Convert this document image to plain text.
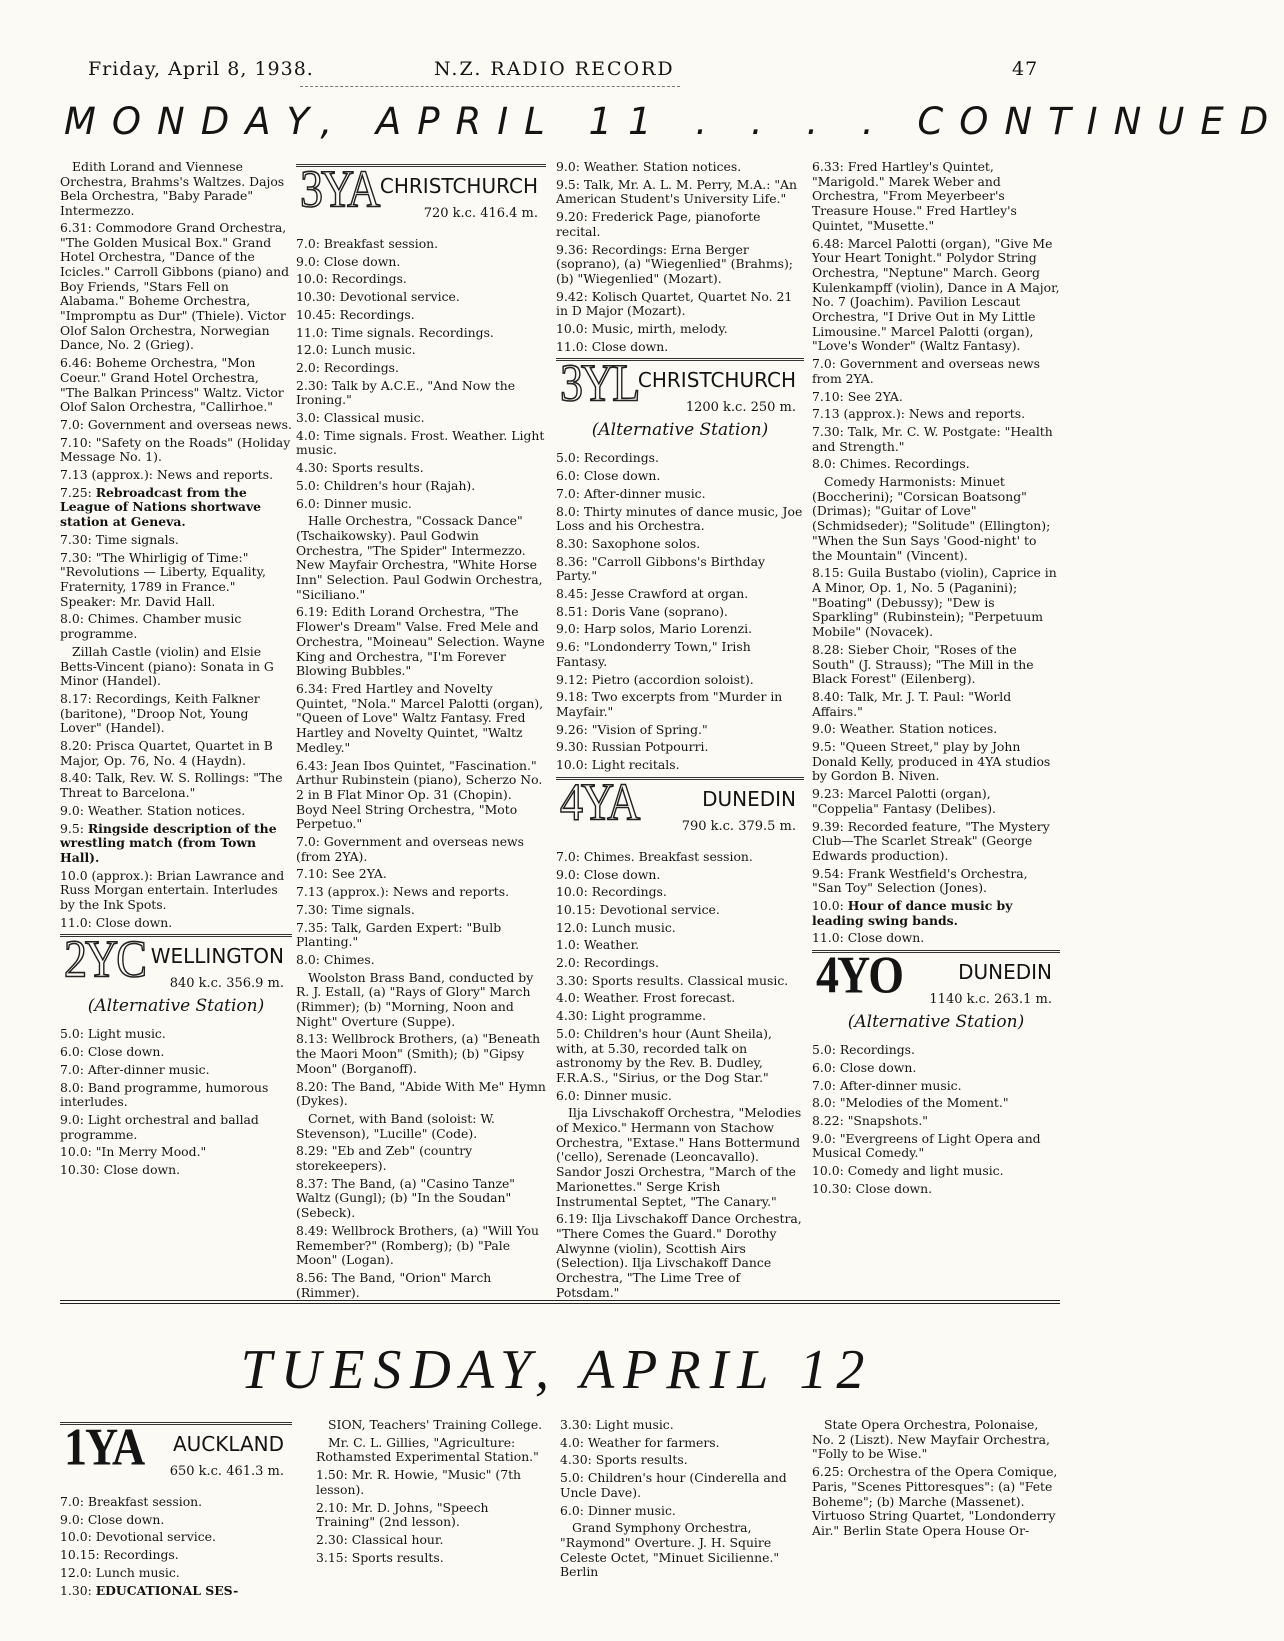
Friday, April 8, 1938.	N.Z. RADIO RECORD	47
MONDAY, APRIL 11 . . . . CONTINUED
Edith Lorand and Viennese Orchestra, Brahms's Waltzes. Dajos Bela Orchestra, "Baby Parade" Intermezzo.
6.31: Commodore Grand Orchestra, "The Golden Musical Box." Grand Hotel Orchestra, "Dance of the Icicles." Carroll Gibbons (piano) and Boy Friends, "Stars Fell on Alabama." Boheme Orchestra, "Impromptu as Dur" (Thiele). Victor Olof Salon Orchestra, Norwegian Dance, No. 2 (Grieg).
6.46: Boheme Orchestra, "Mon Coeur." Grand Hotel Orchestra, "The Balkan Princess" Waltz. Victor Olof Salon Orchestra, "Callirhoe."
7.0: Government and overseas news.
7.10: "Safety on the Roads" (Holiday Message No. 1).
7.13 (approx.): News and reports.
7.25: Rebroadcast from the League of Nations shortwave station at Geneva.
7.30: Time signals.
7.30: "The Whirligig of Time:" "Revolutions — Liberty, Equality, Fraternity, 1789 in France." Speaker: Mr. David Hall.
8.0: Chimes. Chamber music programme.
Zillah Castle (violin) and Elsie Betts-Vincent (piano): Sonata in G Minor (Handel).
8.17: Recordings, Keith Falkner (baritone), "Droop Not, Young Lover" (Handel).
8.20: Prisca Quartet, Quartet in B Major, Op. 76, No. 4 (Haydn).
8.40: Talk, Rev. W. S. Rollings: "The Threat to Barcelona."
9.0: Weather. Station notices.
9.5: Ringside description of the wrestling match (from Town Hall).
10.0 (approx.): Brian Lawrance and Russ Morgan entertain. Interludes by the Ink Spots.
11.0: Close down.
2YC WELLINGTON
840 k.c. 356.9 m.
(Alternative Station)
5.0: Light music.
6.0: Close down.
7.0: After-dinner music.
8.0: Band programme, humorous interludes.
9.0: Light orchestral and ballad programme.
10.0: "In Merry Mood."
10.30: Close down.
3YA CHRISTCHURCH
720 k.c. 416.4 m.
7.0: Breakfast session.
9.0: Close down.
10.0: Recordings.
10.30: Devotional service.
10.45: Recordings.
11.0: Time signals. Recordings.
12.0: Lunch music.
2.0: Recordings.
2.30: Talk by A.C.E., "And Now the Ironing."
3.0: Classical music.
4.0: Time signals. Frost. Weather. Light music.
4.30: Sports results.
5.0: Children's hour (Rajah).
6.0: Dinner music.
Halle Orchestra, "Cossack Dance" (Tschaikowsky). Paul Godwin Orchestra, "The Spider" Intermezzo. New Mayfair Orchestra, "White Horse Inn" Selection. Paul Godwin Orchestra, "Siciliano."
6.19: Edith Lorand Orchestra, "The Flower's Dream" Valse. Fred Mele and Orchestra, "Moineau" Selection. Wayne King and Orchestra, "I'm Forever Blowing Bubbles."
6.34: Fred Hartley and Novelty Quintet, "Nola." Marcel Palotti (organ), "Queen of Love" Waltz Fantasy. Fred Hartley and Novelty Quintet, "Waltz Medley."
6.43: Jean Ibos Quintet, "Fascination." Arthur Rubinstein (piano), Scherzo No. 2 in B Flat Minor Op. 31 (Chopin). Boyd Neel String Orchestra, "Moto Perpetuo."
7.0: Government and overseas news (from 2YA).
7.10: See 2YA.
7.13 (approx.): News and reports.
7.30: Time signals.
7.35: Talk, Garden Expert: "Bulb Planting."
8.0: Chimes.
Woolston Brass Band, conducted by R. J. Estall, (a) "Rays of Glory" March (Rimmer); (b) "Morning, Noon and Night" Overture (Suppe).
8.13: Wellbrock Brothers, (a) "Beneath the Maori Moon" (Smith); (b) "Gipsy Moon" (Borganoff).
8.20: The Band, "Abide With Me" Hymn (Dykes).
Cornet, with Band (soloist: W. Stevenson), "Lucille" (Code).
8.29: "Eb and Zeb" (country storekeepers).
8.37: The Band, (a) "Casino Tanze" Waltz (Gungl); (b) "In the Soudan" (Sebeck).
8.49: Wellbrock Brothers, (a) "Will You Remember?" (Romberg); (b) "Pale Moon" (Logan).
8.56: The Band, "Orion" March (Rimmer).
9.0: Weather. Station notices.
9.5: Talk, Mr. A. L. M. Perry, M.A.: "An American Student's University Life."
9.20: Frederick Page, pianoforte recital.
9.36: Recordings: Erna Berger (soprano), (a) "Wiegenlied" (Brahms); (b) "Wiegenlied" (Mozart).
9.42: Kolisch Quartet, Quartet No. 21 in D Major (Mozart).
10.0: Music, mirth, melody.
11.0: Close down.
3YL CHRISTCHURCH
1200 k.c. 250 m.
(Alternative Station)
5.0: Recordings.
6.0: Close down.
7.0: After-dinner music.
8.0: Thirty minutes of dance music, Joe Loss and his Orchestra.
8.30: Saxophone solos.
8.36: "Carroll Gibbons's Birthday Party."
8.45: Jesse Crawford at organ.
8.51: Doris Vane (soprano).
9.0: Harp solos, Mario Lorenzi.
9.6: "Londonderry Town," Irish Fantasy.
9.12: Pietro (accordion soloist).
9.18: Two excerpts from "Murder in Mayfair."
9.26: "Vision of Spring."
9.30: Russian Potpourri.
10.0: Light recitals.
4YA	DUNEDIN
790 k.c. 379.5 m.
7.0: Chimes. Breakfast session.
9.0: Close down.
10.0: Recordings.
10.15: Devotional service.
12.0: Lunch music.
1.0: Weather.
2.0: Recordings.
3.30: Sports results. Classical music.
4.0: Weather. Frost forecast.
4.30: Light programme.
5.0: Children's hour (Aunt Sheila), with, at 5.30, recorded talk on astronomy by the Rev. B. Dudley, F.R.A.S., "Sirius, or the Dog Star."
6.0: Dinner music.
Ilja Livschakoff Orchestra, "Melodies of Mexico." Hermann von Stachow Orchestra, "Extase." Hans Bottermund ('cello), Serenade (Leoncavallo). Sandor Joszi Orchestra, "March of the Marionettes." Serge Krish Instrumental Septet, "The Canary."
6.19: Ilja Livschakoff Dance Orchestra, "There Comes the Guard." Dorothy Alwynne (violin), Scottish Airs (Selection). Ilja Livschakoff Dance Orchestra, "The Lime Tree of Potsdam."
6.33: Fred Hartley's Quintet, "Marigold." Marek Weber and Orchestra, "From Meyerbeer's Treasure House." Fred Hartley's Quintet, "Musette."
6.48: Marcel Palotti (organ), "Give Me Your Heart Tonight." Polydor String Orchestra, "Neptune" March. Georg Kulenkampff (violin), Dance in A Major, No. 7 (Joachim). Pavilion Lescaut Orchestra, "I Drive Out in My Little Limousine." Marcel Palotti (organ), "Love's Wonder" (Waltz Fantasy).
7.0: Government and overseas news from 2YA.
7.10: See 2YA.
7.13 (approx.): News and reports.
7.30: Talk, Mr. C. W. Postgate: "Health and Strength."
8.0: Chimes. Recordings.
Comedy Harmonists: Minuet (Boccherini); "Corsican Boatsong" (Drimas); "Guitar of Love" (Schmidseder); "Solitude" (Ellington); "When the Sun Says 'Good-night' to the Mountain" (Vincent).
8.15: Guila Bustabo (violin), Caprice in A Minor, Op. 1, No. 5 (Paganini); "Boating" (Debussy); "Dew is Sparkling" (Rubinstein); "Perpetuum Mobile" (Novacek).
8.28: Sieber Choir, "Roses of the South" (J. Strauss); "The Mill in the Black Forest" (Eilenberg).
8.40: Talk, Mr. J. T. Paul: "World Affairs."
9.0: Weather. Station notices.
9.5: "Queen Street," play by John Donald Kelly, produced in 4YA studios by Gordon B. Niven.
9.23: Marcel Palotti (organ), "Coppelia" Fantasy (Delibes).
9.39: Recorded feature, "The Mystery Club—The Scarlet Streak" (George Edwards production).
9.54: Frank Westfield's Orchestra, "San Toy" Selection (Jones).
10.0: Hour of dance music by leading swing bands.
11.0: Close down.
4YO	DUNEDIN
1140 k.c. 263.1 m.
(Alternative Station)
5.0: Recordings.
6.0: Close down.
7.0: After-dinner music.
8.0: "Melodies of the Moment."
8.22: "Snapshots."
9.0: "Evergreens of Light Opera and Musical Comedy."
10.0: Comedy and light music.
10.30: Close down.
TUESDAY, APRIL 12
1YA AUCKLAND
650 k.c. 461.3 m.
7.0: Breakfast session.
9.0: Close down.
10.0: Devotional service.
10.15: Recordings.
12.0: Lunch music.
1.30: EDUCATIONAL SES-
SION, Teachers' Training College.
Mr. C. L. Gillies, "Agriculture: Rothamsted Experimental Station."
1.50: Mr. R. Howie, "Music" (7th lesson).
2.10: Mr. D. Johns, "Speech Training" (2nd lesson).
2.30: Classical hour.
3.15: Sports results.
3.30: Light music.
4.0: Weather for farmers.
4.30: Sports results.
5.0: Children's hour (Cinderella and Uncle Dave).
6.0: Dinner music.
Grand Symphony Orchestra, "Raymond" Overture. J. H. Squire Celeste Octet, "Minuet Sicilienne." Berlin
State Opera Orchestra, Polonaise, No. 2 (Liszt). New Mayfair Orchestra, "Folly to be Wise."
6.25: Orchestra of the Opera Comique, Paris, "Scenes Pittoresques": (a) "Fete Boheme"; (b) Marche (Massenet). Virtuoso String Quartet, "Londonderry Air." Berlin State Opera House Or-
